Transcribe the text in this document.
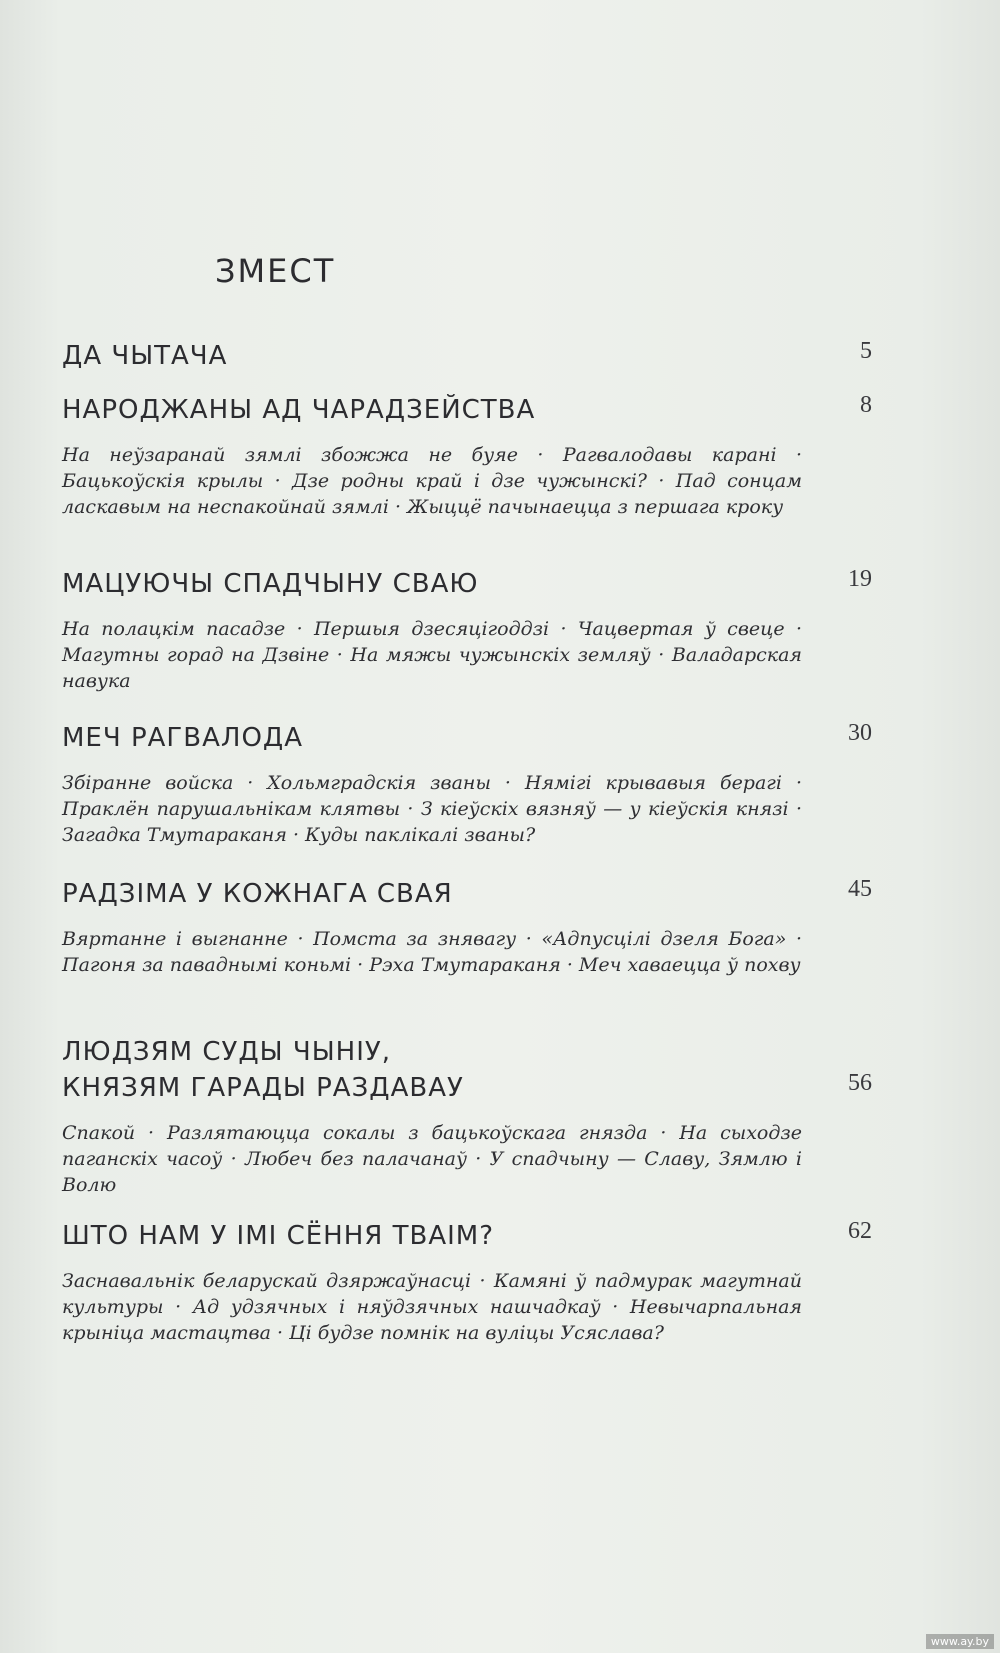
ЗМЕСТ
ДА ЧЫТАЧА	5
НАРОДЖАНЫ АД ЧАРАДЗЕЙСТВА	8
На неўзаранай зямлі збожжа не буяе · Рагвалодавы карані · Бацькоўскія крылы · Дзе родны край і дзе чужынскі? · Пад сонцам ласкавым на неспакойнай зямлі · Жыццё пачынаецца з першага кроку
МАЦУЮЧЫ СПАДЧЫНУ СВАЮ	19
На полацкім пасадзе · Першыя дзесяцігоддзі · Чацвертая ў свеце · Магутны горад на Дзвіне · На мяжы чужынскіх земляў · Валадарская навука
МЕЧ РАГВАЛОДА	30
Збіранне войска · Хольмградскія званы · Нямігі крывавыя берагі · Праклён парушальнікам клятвы · З кіеўскіх вязняў — у кіеўскія князі · Загадка Тмутараканя · Куды паклікалі званы?
РАДЗІМА У КОЖНАГА СВАЯ	45
Вяртанне і выгнанне · Помста за знявагу · «Адпусцілі дзеля Бога» · Пагоня за паваднымі коньмі · Рэха Тмутараканя · Меч хаваецца ў похву
ЛЮДЗЯМ СУДЫ ЧЫНІУ,
КНЯЗЯМ ГАРАДЫ РАЗДАВАУ	56
Спакой · Разлятаюцца сокалы з бацькоўскага гнязда · На сыходзе паганскіх часоў · Любеч без палачанаў · У спадчыну — Славу, Зямлю і Волю
ШТО НАМ У ІМІ СЁННЯ ТВАІМ?	62
Заснавальнік беларускай дзяржаўнасці · Камяні ў падмурак магутнай культуры · Ад удзячных і няўдзячных нашчадкаў · Невычарпальная крыніца мастацтва · Ці будзе помнік на вуліцы Усяслава?
www.ay.by
